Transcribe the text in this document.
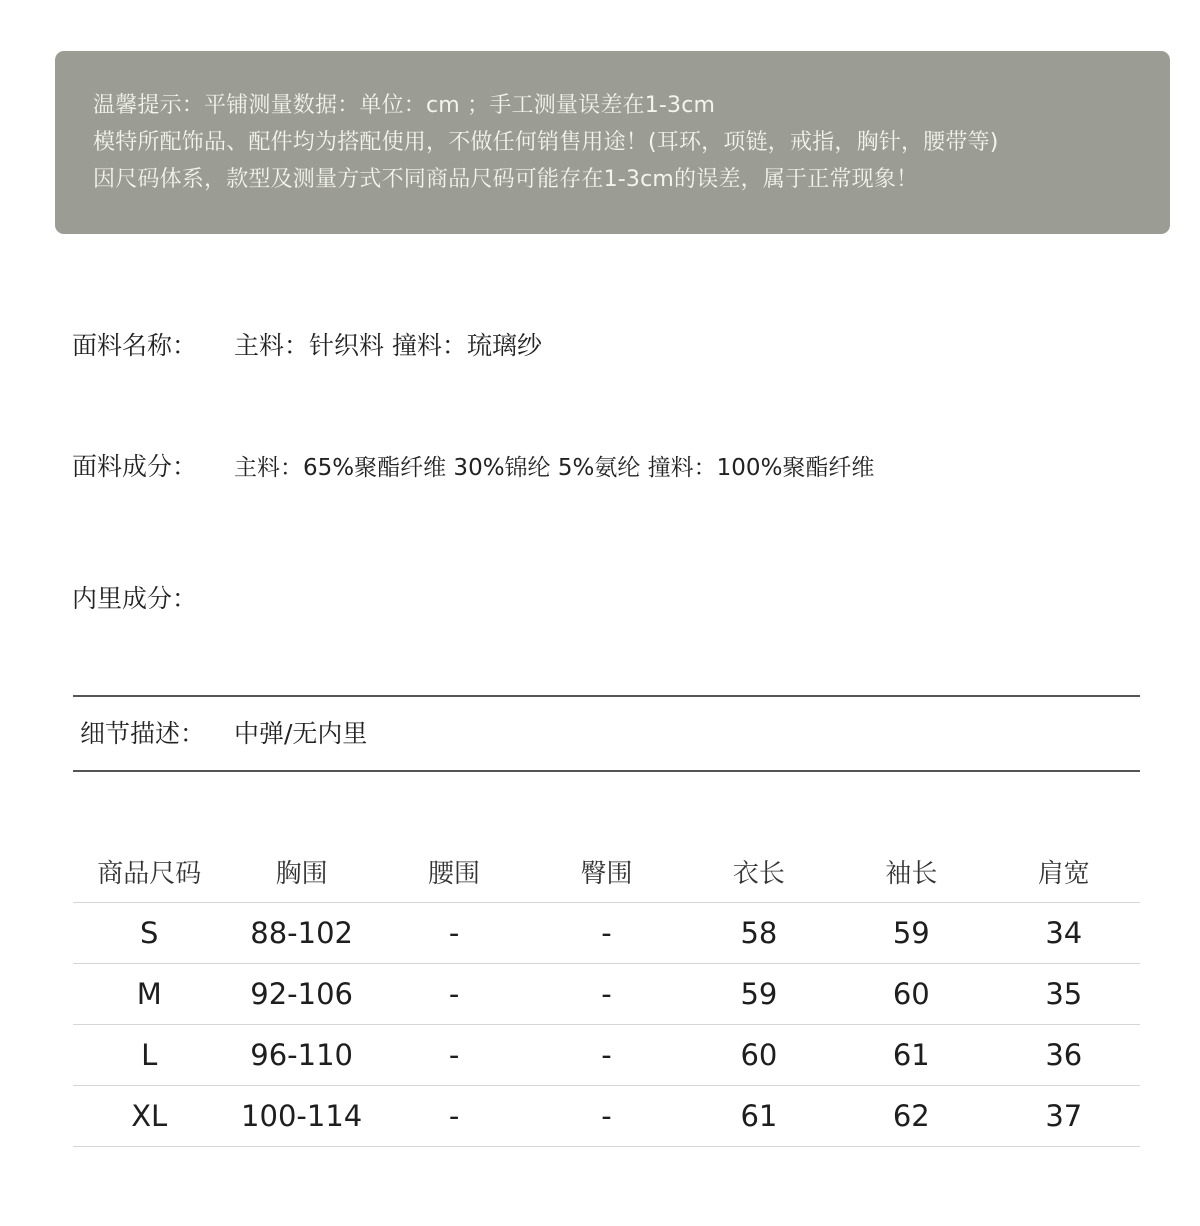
温馨提示：平铺测量数据：单位：cm ；手工测量误差在1-3cm
模特所配饰品、配件均为搭配使用，不做任何销售用途！(耳环，项链，戒指，胸针，腰带等)
因尺码体系，款型及测量方式不同商品尺码可能存在1-3cm的误差，属于正常现象！
面料名称： 主料：针织料 撞料：琉璃纱
面料成分： 主料：65%聚酯纤维 30%锦纶 5%氨纶 撞料：100%聚酯纤维
内里成分：
细节描述： 中弹/无内里
商品尺码	胸围	腰围	臀围	衣长	袖长	肩宽
S	88-102	-	-	58	59	34
M	92-106	-	-	59	60	35
L	96-110	-	-	60	61	36
XL	100-114	-	-	61	62	37
